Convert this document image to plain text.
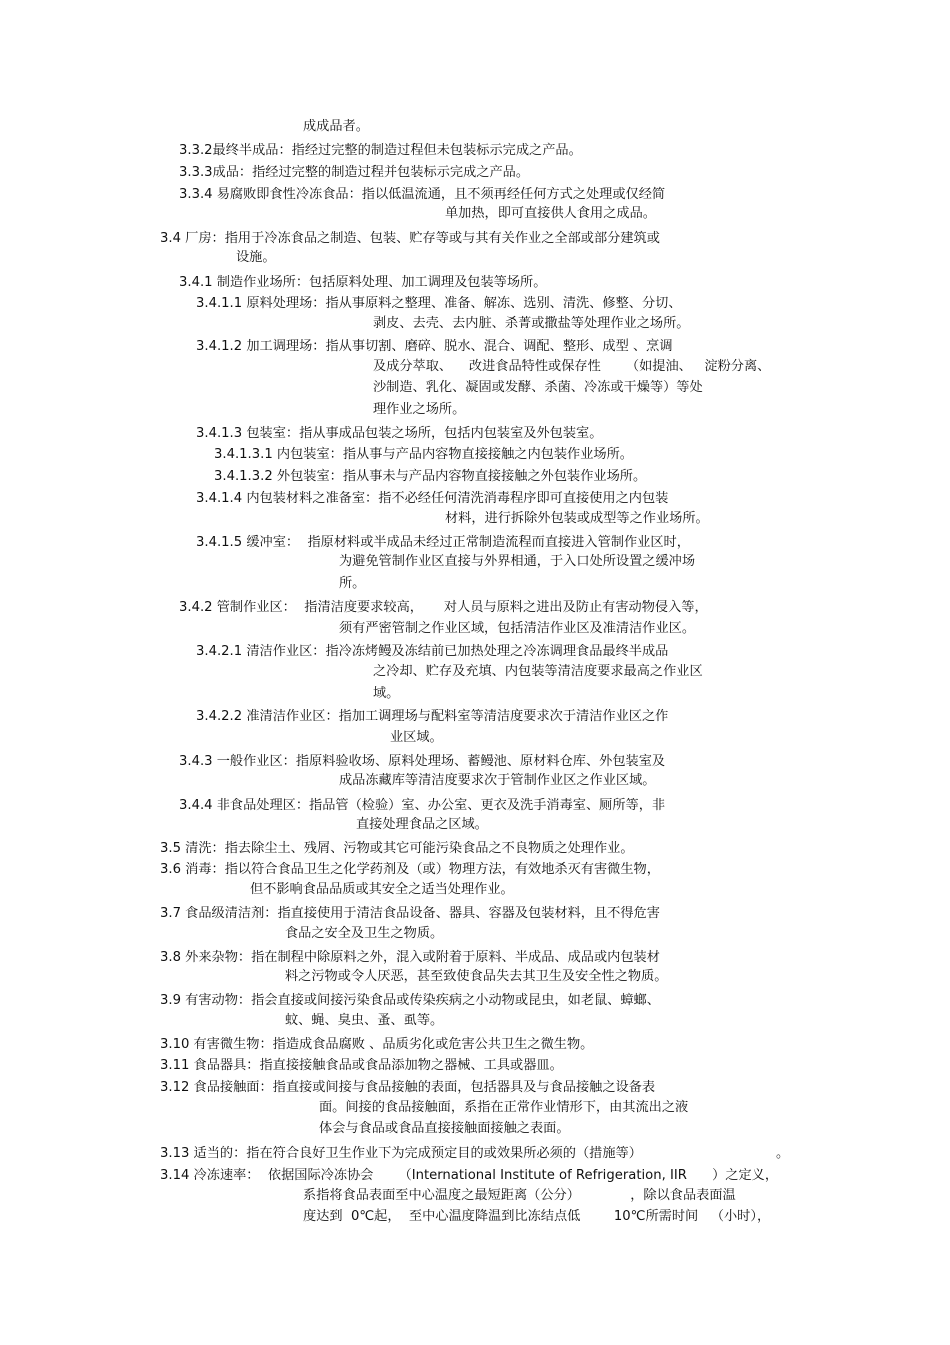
成成品者。
3.3.2最终半成品：指经过完整的制造过程但未包装标示完成之产品。
3.3.3成品：指经过完整的制造过程并包装标示完成之产品。
3.3.4 易腐败即食性冷冻食品：指以低温流通，且不须再经任何方式之处理或仅经简
单加热，即可直接供人食用之成品。
3.4 厂房：指用于冷冻食品之制造、包装、贮存等或与其有关作业之全部或部分建筑或
设施。
3.4.1 制造作业场所：包括原料处理、加工调理及包装等场所。
3.4.1.1 原料处理场：指从事原料之整理、准备、解冻、选别、清洗、修整、分切、
剥皮、去壳、去内脏、杀菁或撒盐等处理作业之场所。
3.4.1.2 加工调理场：指从事切割、磨碎、脱水、混合、调配、整形、成型 、烹调
及成分萃取、    改进食品特性或保存性      （如提油、   淀粉分离、
沙制造、乳化、凝固或发酵、杀菌、冷冻或干燥等）等处
理作业之场所。
3.4.1.3 包装室：指从事成品包装之场所，包括内包装室及外包装室。
3.4.1.3.1 内包装室：指从事与产品内容物直接接触之内包装作业场所。
3.4.1.3.2 外包装室：指从事未与产品内容物直接接触之外包装作业场所。
3.4.1.4 内包装材料之准备室：指不必经任何清洗消毒程序即可直接使用之内包装
材料，进行拆除外包装或成型等之作业场所。
3.4.1.5 缓冲室：  指原材料或半成品未经过正常制造流程而直接进入管制作业区时，
为避免管制作业区直接与外界相通，于入口处所设置之缓冲场
所。
3.4.2 管制作业区：  指清洁度要求较高，     对人员与原料之进出及防止有害动物侵入等，
须有严密管制之作业区域，包括清洁作业区及准清洁作业区。
3.4.2.1 清洁作业区：指冷冻烤鳗及冻结前已加热处理之冷冻调理食品最终半成品
之冷却、贮存及充填、内包装等清洁度要求最高之作业区
域。
3.4.2.2 准清洁作业区：指加工调理场与配料室等清洁度要求次于清洁作业区之作
业区域。
3.4.3 一般作业区：指原料验收场、原料处理场、蓄鳗池、原材料仓库、外包装室及
成品冻藏库等清洁度要求次于管制作业区之作业区域。
3.4.4 非食品处理区：指品管（检验）室、办公室、更衣及洗手消毒室、厕所等，非
直接处理食品之区域。
3.5 清洗：指去除尘土、残屑、污物或其它可能污染食品之不良物质之处理作业。
3.6 消毒：指以符合食品卫生之化学药剂及（或）物理方法，有效地杀灭有害微生物，
但不影响食品品质或其安全之适当处理作业。
3.7 食品级清洁剂：指直接使用于清洁食品设备、器具、容器及包装材料，且不得危害
食品之安全及卫生之物质。
3.8 外来杂物：指在制程中除原料之外，混入或附着于原料、半成品、成品或内包装材
料之污物或令人厌恶，甚至致使食品失去其卫生及安全性之物质。
3.9 有害动物：指会直接或间接污染食品或传染疾病之小动物或昆虫，如老鼠、蟑螂、
蚊、蝇、臭虫、蚤、虱等。
3.10 有害微生物：指造成食品腐败 、品质劣化或危害公共卫生之微生物。
3.11 食品器具：指直接接触食品或食品添加物之器械、工具或器皿。
3.12 食品接触面：指直接或间接与食品接触的表面，包括器具及与食品接触之设备表
面。间接的食品接触面，系指在正常作业情形下，由其流出之液
体会与食品或食品直接接触面接触之表面。
3.13 适当的：指在符合良好卫生作业下为完成预定目的或效果所必须的（措施等）	。
3.14 冷冻速率：  依据国际冷冻协会      （International Institute of Refrigeration, IIR      ）之定义，
系指将食品表面至中心温度之最短距离（公分）            ，除以食品表面温
度达到  0℃起，  至中心温度降温到比冻结点低        10℃所需时间   （小时），
